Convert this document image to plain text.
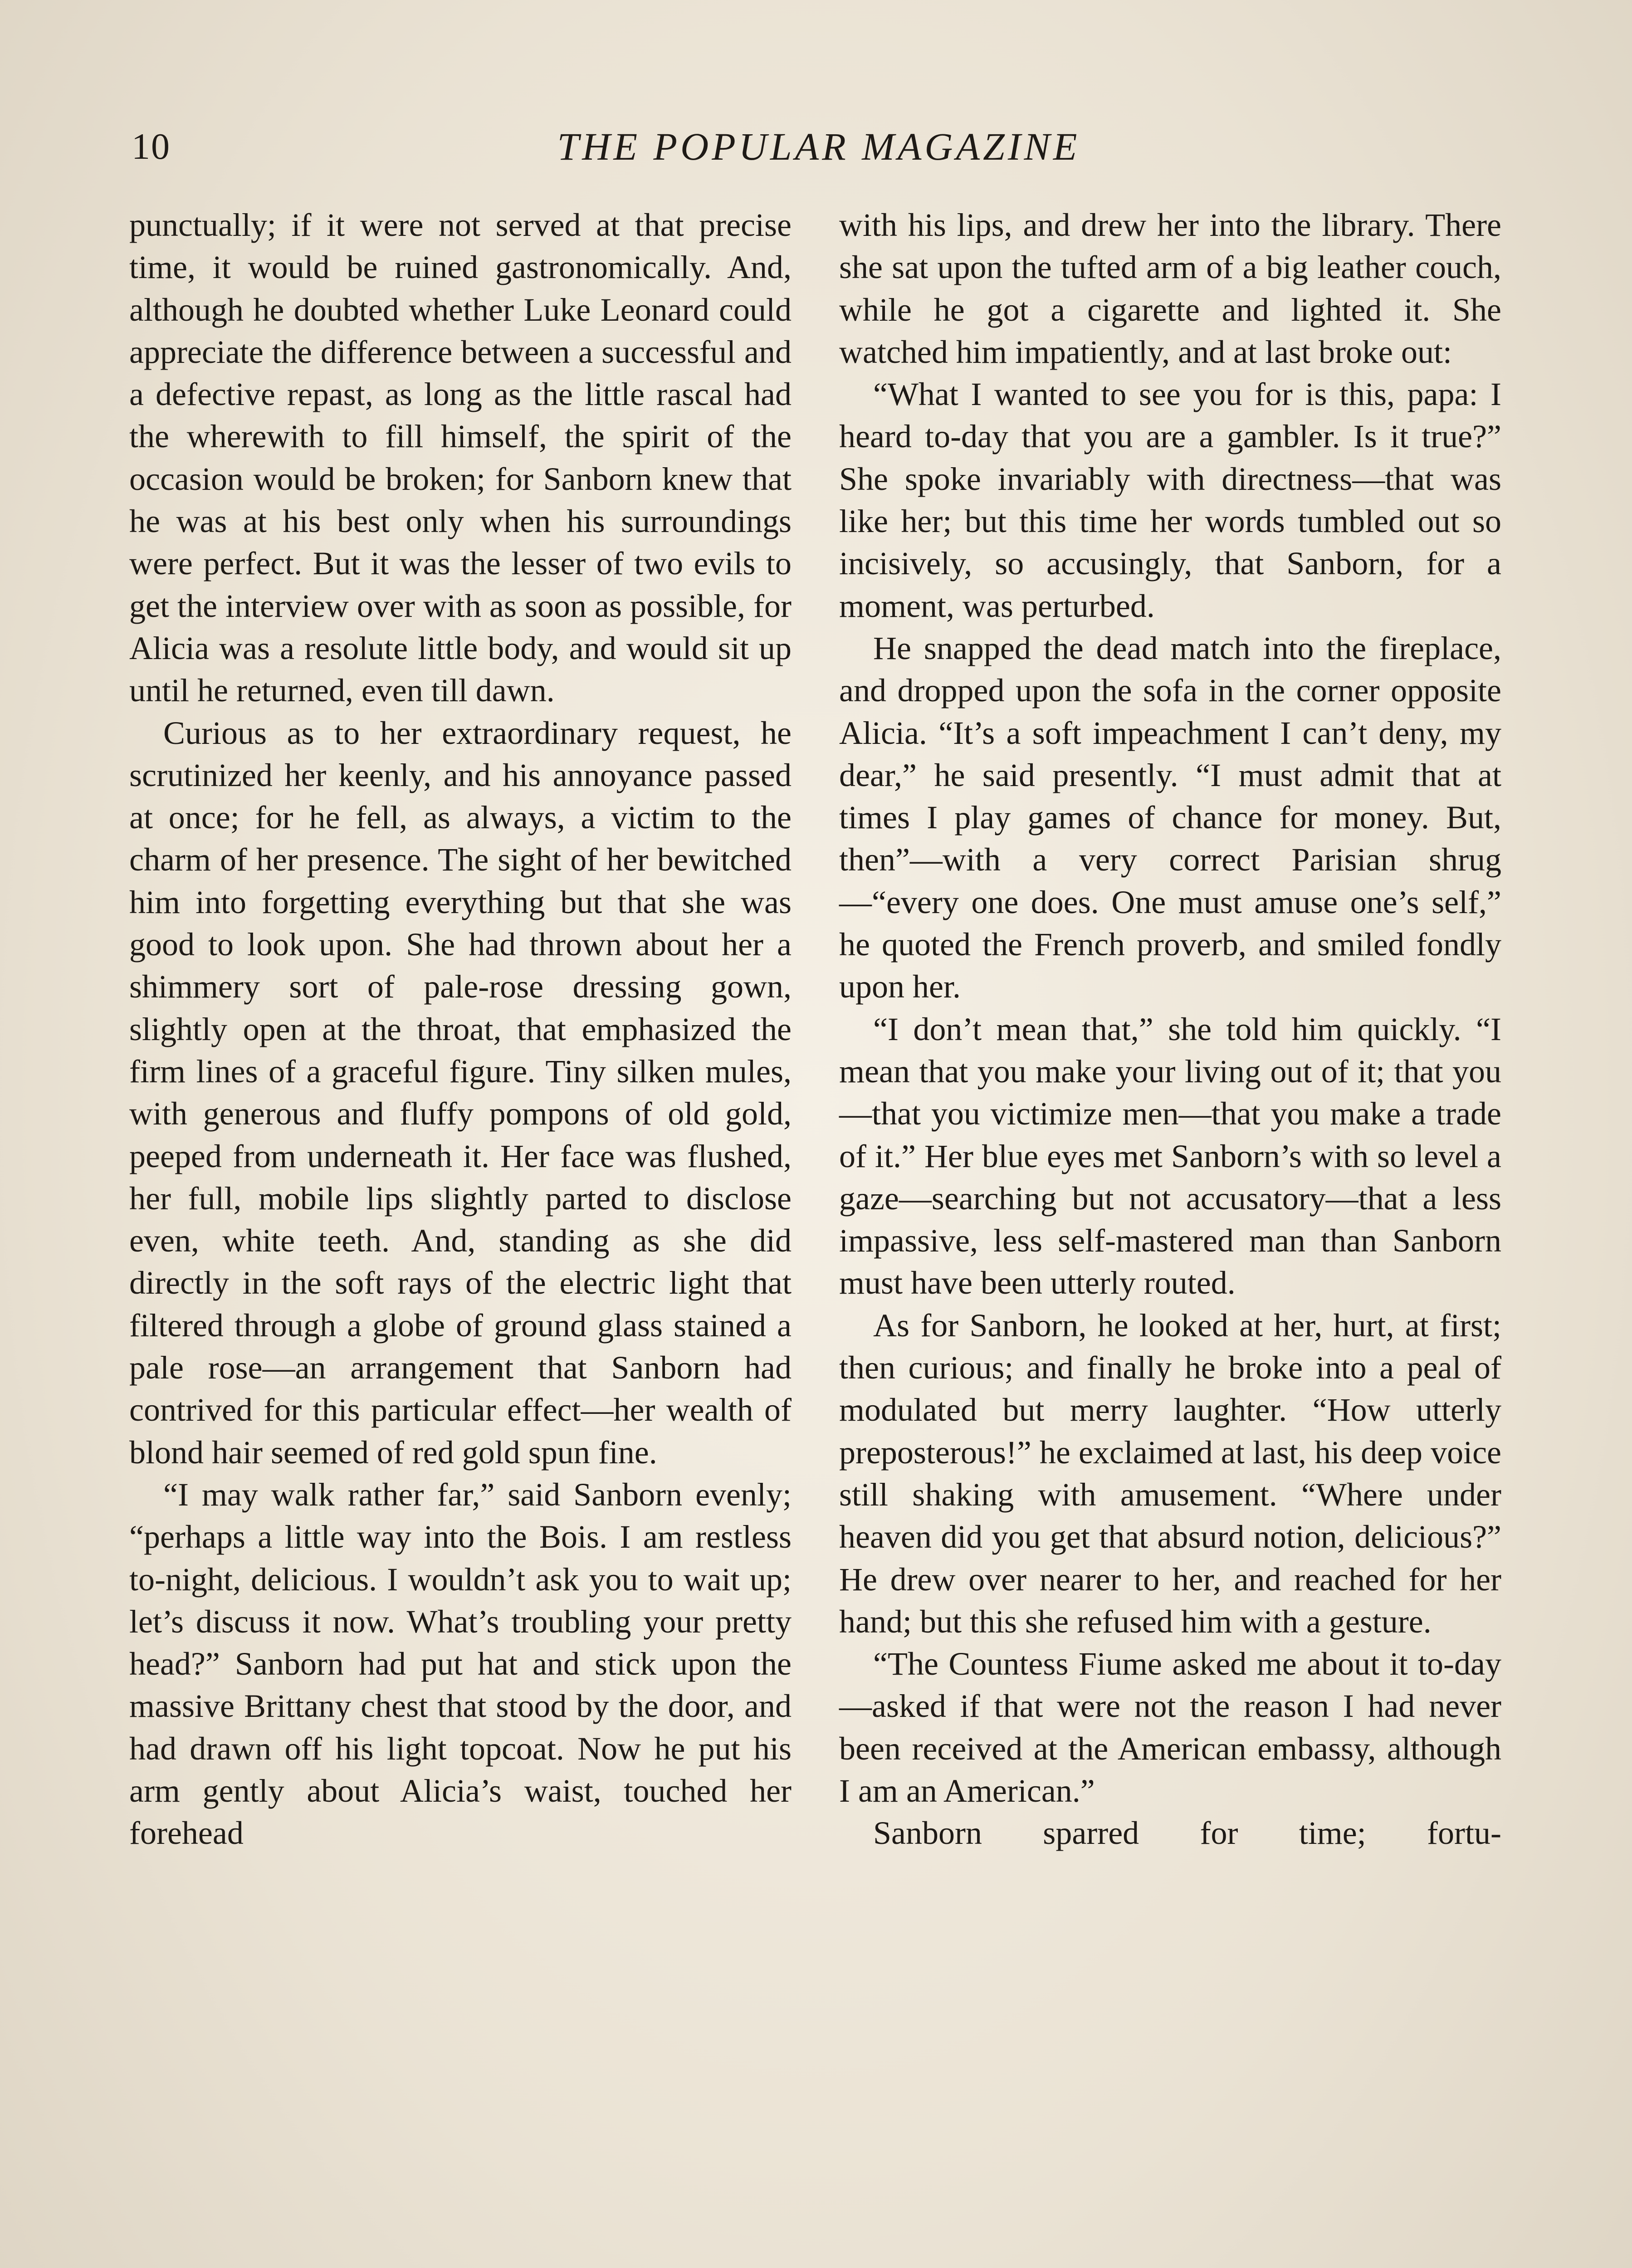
10	THE POPULAR MAGAZINE

punctually; if it were not served at that precise time, it would be ruined gastronomically. And, although he doubted whether Luke Leonard could appreciate the difference between a successful and a defective repast, as long as the little rascal had the wherewith to fill himself, the spirit of the occasion would be broken; for Sanborn knew that he was at his best only when his surroundings were perfect. But it was the lesser of two evils to get the interview over with as soon as possible, for Alicia was a resolute little body, and would sit up until he returned, even till dawn.

Curious as to her extraordinary request, he scrutinized her keenly, and his annoyance passed at once; for he fell, as always, a victim to the charm of her presence. The sight of her bewitched him into forgetting everything but that she was good to look upon. She had thrown about her a shimmery sort of pale-rose dressing gown, slightly open at the throat, that emphasized the firm lines of a graceful figure. Tiny silken mules, with generous and fluffy pompons of old gold, peeped from underneath it. Her face was flushed, her full, mobile lips slightly parted to disclose even, white teeth. And, standing as she did directly in the soft rays of the electric light that filtered through a globe of ground glass stained a pale rose—an arrangement that Sanborn had contrived for this particular effect—her wealth of blond hair seemed of red gold spun fine.

“I may walk rather far,” said Sanborn evenly; “perhaps a little way into the Bois. I am restless to-night, delicious. I wouldn’t ask you to wait up; let’s discuss it now. What’s troubling your pretty head?” Sanborn had put hat and stick upon the massive Brittany chest that stood by the door, and had drawn off his light topcoat. Now he put his arm gently about Alicia’s waist, touched her forehead

with his lips, and drew her into the library. There she sat upon the tufted arm of a big leather couch, while he got a cigarette and lighted it. She watched him impatiently, and at last broke out:

“What I wanted to see you for is this, papa: I heard to-day that you are a gambler. Is it true?” She spoke invariably with directness—that was like her; but this time her words tumbled out so incisively, so accusingly, that Sanborn, for a moment, was perturbed.

He snapped the dead match into the fireplace, and dropped upon the sofa in the corner opposite Alicia. “It’s a soft impeachment I can’t deny, my dear,” he said presently. “I must admit that at times I play games of chance for money. But, then”—with a very correct Parisian shrug—“every one does. One must amuse one’s self,” he quoted the French proverb, and smiled fondly upon her.

“I don’t mean that,” she told him quickly. “I mean that you make your living out of it; that you—that you victimize men—that you make a trade of it.” Her blue eyes met Sanborn’s with so level a gaze—searching but not accusatory—that a less impassive, less self-mastered man than Sanborn must have been utterly routed.

As for Sanborn, he looked at her, hurt, at first; then curious; and finally he broke into a peal of modulated but merry laughter. “How utterly preposterous!” he exclaimed at last, his deep voice still shaking with amusement. “Where under heaven did you get that absurd notion, delicious?” He drew over nearer to her, and reached for her hand; but this she refused him with a gesture.

“The Countess Fiume asked me about it to-day—asked if that were not the reason I had never been received at the American embassy, although I am an American.”

Sanborn sparred for time; fortu-
